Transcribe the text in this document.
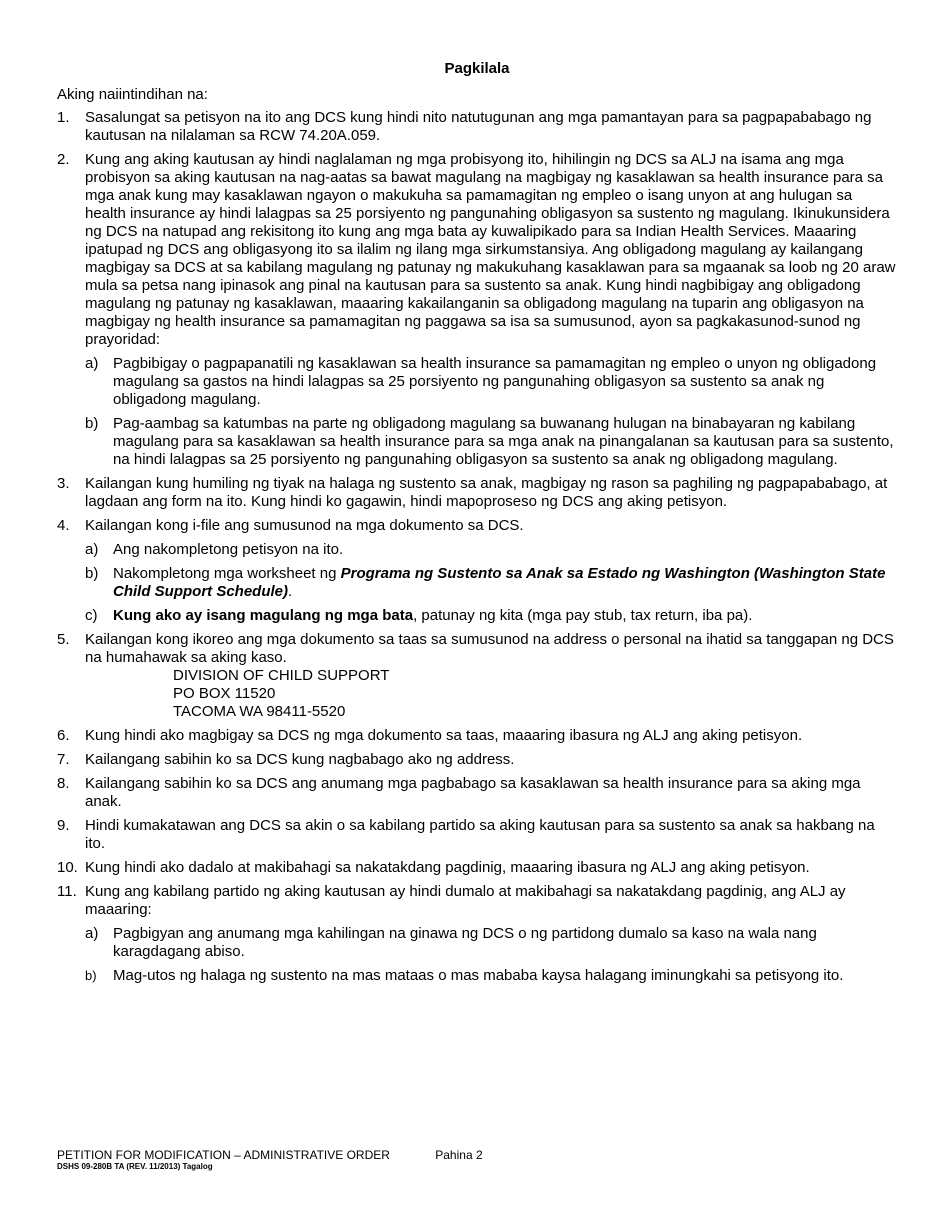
Pagkilala
Aking naiintindihan na:
1. Sasalungat sa petisyon na ito ang DCS kung hindi nito natutugunan ang mga pamantayan para sa pagpapababago ng kautusan na nilalaman sa RCW 74.20A.059.
2. Kung ang aking kautusan ay hindi naglalaman ng mga probisyong ito, hihilingin ng DCS sa ALJ na isama ang mga probisyon sa aking kautusan na nag-aatas sa bawat magulang na magbigay ng kasaklawan sa health insurance para sa mga anak kung may kasaklawan ngayon o makukuha sa pamamagitan ng empleo o isang unyon at ang hulugan sa health insurance ay hindi lalagpas sa 25 porsiyento ng pangunahing obligasyon sa sustento ng magulang. Ikinukunsidera ng DCS na natupad ang rekisitong ito kung ang mga bata ay kuwalipikado para sa Indian Health Services. Maaaring ipatupad ng DCS ang obligasyong ito sa ilalim ng ilang mga sirkumstansiya. Ang obligadong magulang ay kailangang magbigay sa DCS at sa kabilang magulang ng patunay ng makukuhang kasaklawan para sa mgaanak sa loob ng 20 araw mula sa petsa nang ipinasok ang pinal na kautusan para sa sustento sa anak. Kung hindi nagbibigay ang obligadong magulang ng patunay ng kasaklawan, maaaring kakailanganin sa obligadong magulang na tuparin ang obligasyon na magbigay ng health insurance sa pamamagitan ng paggawa sa isa sa sumusunod, ayon sa pagkakasunod-sunod ng prayoridad:
a) Pagbibigay o pagpapanatili ng kasaklawan sa health insurance sa pamamagitan ng empleo o unyon ng obligadong magulang sa gastos na hindi lalagpas sa 25 porsiyento ng pangunahing obligasyon sa sustento sa anak ng obligadong magulang.
b) Pag-aambag sa katumbas na parte ng obligadong magulang sa buwanang hulugan na binabayaran ng kabilang magulang para sa kasaklawan sa health insurance para sa mga anak na pinangalanan sa kautusan para sa sustento, na hindi lalagpas sa 25 porsiyento ng pangunahing obligasyon sa sustento sa anak ng obligadong magulang.
3. Kailangan kung humiling ng tiyak na halaga ng sustento sa anak, magbigay ng rason sa paghiling ng pagpapababago, at lagdaan ang form na ito. Kung hindi ko gagawin, hindi mapoproseso ng DCS ang aking petisyon.
4. Kailangan kong i-file ang sumusunod na mga dokumento sa DCS.
a) Ang nakompletong petisyon na ito.
b) Nakompletong mga worksheet ng Programa ng Sustento sa Anak sa Estado ng Washington (Washington State Child Support Schedule).
c) Kung ako ay isang magulang ng mga bata, patunay ng kita (mga pay stub, tax return, iba pa).
5. Kailangan kong ikoreo ang mga dokumento sa taas sa sumusunod na address o personal na ihatid sa tanggapan ng DCS na humahawak sa aking kaso.
DIVISION OF CHILD SUPPORT
PO BOX 11520
TACOMA WA 98411-5520
6. Kung hindi ako magbigay sa DCS ng mga dokumento sa taas, maaaring ibasura ng ALJ ang aking petisyon.
7. Kailangang sabihin ko sa DCS kung nagbabago ako ng address.
8. Kailangang sabihin ko sa DCS ang anumang mga pagbabago sa kasaklawan sa health insurance para sa aking mga anak.
9. Hindi kumakatawan ang DCS sa akin o sa kabilang partido sa aking kautusan para sa sustento sa anak sa hakbang na ito.
10. Kung hindi ako dadalo at makibahagi sa nakatakdang pagdinig, maaaring ibasura ng ALJ ang aking petisyon.
11. Kung ang kabilang partido ng aking kautusan ay hindi dumalo at makibahagi sa nakatakdang pagdinig, ang ALJ ay maaaring:
a) Pagbigyan ang anumang mga kahilingan na ginawa ng DCS o ng partidong dumalo sa kaso na wala nang karagdagang abiso.
b) Mag-utos ng halaga ng sustento na mas mataas o mas mababa kaysa halagang iminungkahi sa petisyong ito.
PETITION FOR MODIFICATION – ADMINISTRATIVE ORDER	Pahina 2
DSHS 09-280B TA (REV. 11/2013) Tagalog
